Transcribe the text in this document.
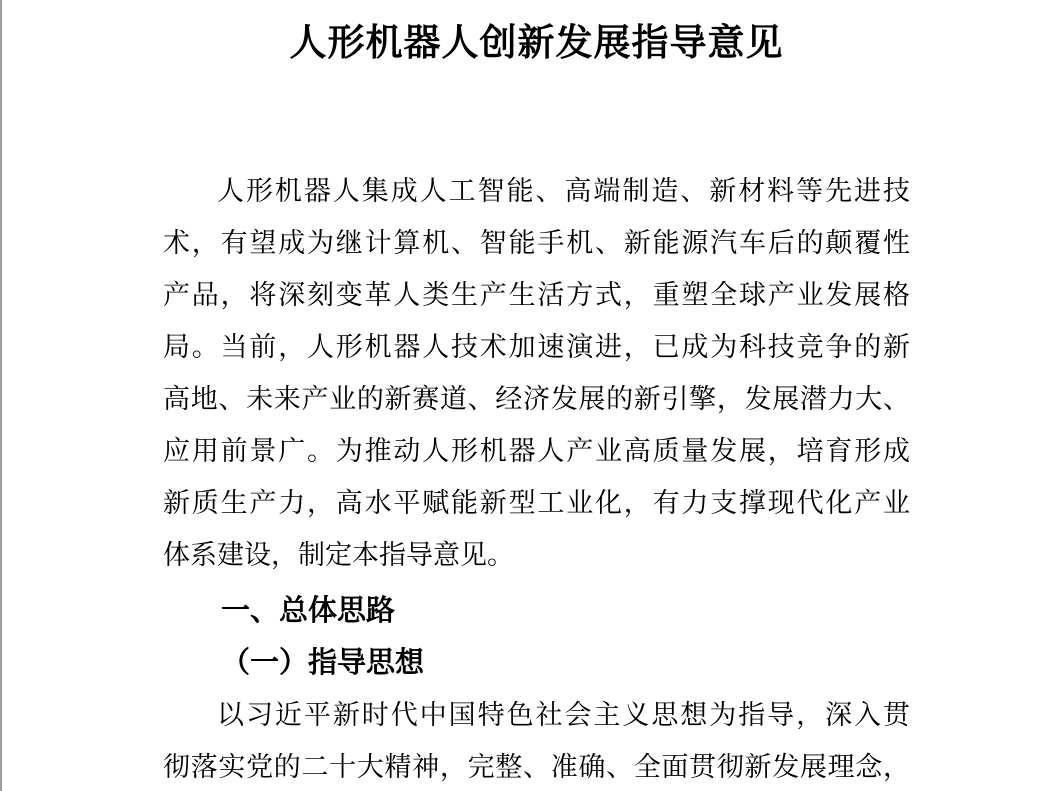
人形机器人创新发展指导意见
人形机器人集成人工智能、高端制造、新材料等先进技
术，有望成为继计算机、智能手机、新能源汽车后的颠覆性
产品，将深刻变革人类生产生活方式，重塑全球产业发展格
局。当前，人形机器人技术加速演进，已成为科技竞争的新
高地、未来产业的新赛道、经济发展的新引擎，发展潜力大、
应用前景广。为推动人形机器人产业高质量发展，培育形成
新质生产力，高水平赋能新型工业化，有力支撑现代化产业
体系建设，制定本指导意见。
一、总体思路
（一）指导思想
以习近平新时代中国特色社会主义思想为指导，深入贯
彻落实党的二十大精神，完整、准确、全面贯彻新发展理念，
